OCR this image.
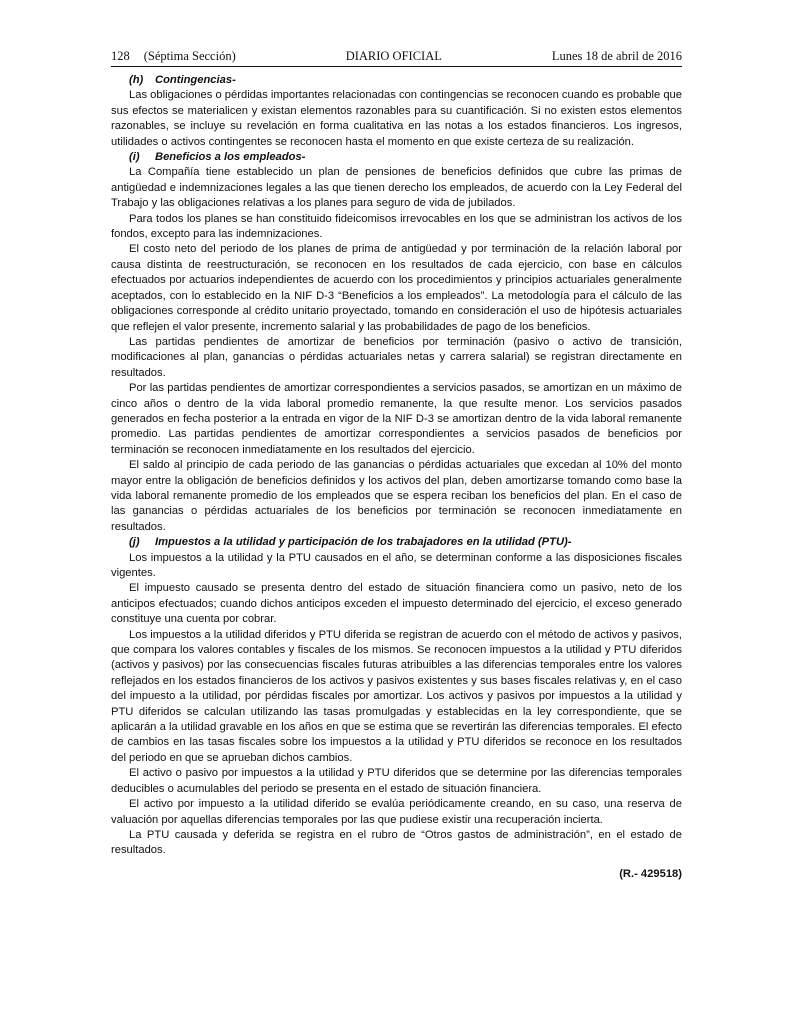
128 (Séptima Sección)	DIARIO OFICIAL	Lunes 18 de abril de 2016
(h) Contingencias-

Las obligaciones o pérdidas importantes relacionadas con contingencias se reconocen cuando es probable que sus efectos se materialicen y existan elementos razonables para su cuantificación. Si no existen estos elementos razonables, se incluye su revelación en forma cualitativa en las notas a los estados financieros. Los ingresos, utilidades o activos contingentes se reconocen hasta el momento en que existe certeza de su realización.

(i) Beneficios a los empleados-

La Compañía tiene establecido un plan de pensiones de beneficios definidos que cubre las primas de antigüedad e indemnizaciones legales a las que tienen derecho los empleados, de acuerdo con la Ley Federal del Trabajo y las obligaciones relativas a los planes para seguro de vida de jubilados.

Para todos los planes se han constituido fideicomisos irrevocables en los que se administran los activos de los fondos, excepto para las indemnizaciones.

El costo neto del periodo de los planes de prima de antigüedad y por terminación de la relación laboral por causa distinta de reestructuración, se reconocen en los resultados de cada ejercicio, con base en cálculos efectuados por actuarios independientes de acuerdo con los procedimientos y principios actuariales generalmente aceptados, con lo establecido en la NIF D-3 “Beneficios a los empleados”. La metodología para el cálculo de las obligaciones corresponde al crédito unitario proyectado, tomando en consideración el uso de hipótesis actuariales que reflejen el valor presente, incremento salarial y las probabilidades de pago de los beneficios.

Las partidas pendientes de amortizar de beneficios por terminación (pasivo o activo de transición, modificaciones al plan, ganancias o pérdidas actuariales netas y carrera salarial) se registran directamente en resultados.

Por las partidas pendientes de amortizar correspondientes a servicios pasados, se amortizan en un máximo de cinco años o dentro de la vida laboral promedio remanente, la que resulte menor. Los servicios pasados generados en fecha posterior a la entrada en vigor de la NIF D-3 se amortizan dentro de la vida laboral remanente promedio. Las partidas pendientes de amortizar correspondientes a servicios pasados de beneficios por terminación se reconocen inmediatamente en los resultados del ejercicio.

El saldo al principio de cada periodo de las ganancias o pérdidas actuariales que excedan al 10% del monto mayor entre la obligación de beneficios definidos y los activos del plan, deben amortizarse tomando como base la vida laboral remanente promedio de los empleados que se espera reciban los beneficios del plan. En el caso de las ganancias o pérdidas actuariales de los beneficios por terminación se reconocen inmediatamente en resultados.

(j) Impuestos a la utilidad y participación de los trabajadores en la utilidad (PTU)-

Los impuestos a la utilidad y la PTU causados en el año, se determinan conforme a las disposiciones fiscales vigentes.

El impuesto causado se presenta dentro del estado de situación financiera como un pasivo, neto de los anticipos efectuados; cuando dichos anticipos exceden el impuesto determinado del ejercicio, el exceso generado constituye una cuenta por cobrar.

Los impuestos a la utilidad diferidos y PTU diferida se registran de acuerdo con el método de activos y pasivos, que compara los valores contables y fiscales de los mismos. Se reconocen impuestos a la utilidad y PTU diferidos (activos y pasivos) por las consecuencias fiscales futuras atribuibles a las diferencias temporales entre los valores reflejados en los estados financieros de los activos y pasivos existentes y sus bases fiscales relativas y, en el caso del impuesto a la utilidad, por pérdidas fiscales por amortizar. Los activos y pasivos por impuestos a la utilidad y PTU diferidos se calculan utilizando las tasas promulgadas y establecidas en la ley correspondiente, que se aplicarán a la utilidad gravable en los años en que se estima que se revertirán las diferencias temporales. El efecto de cambios en las tasas fiscales sobre los impuestos a la utilidad y PTU diferidos se reconoce en los resultados del periodo en que se aprueban dichos cambios.

El activo o pasivo por impuestos a la utilidad y PTU diferidos que se determine por las diferencias temporales deducibles o acumulables del periodo se presenta en el estado de situación financiera.

El activo por impuesto a la utilidad diferido se evalúa periódicamente creando, en su caso, una reserva de valuación por aquellas diferencias temporales por las que pudiese existir una recuperación incierta.

La PTU causada y deferida se registra en el rubro de “Otros gastos de administración”, en el estado de resultados.

(R.- 429518)
